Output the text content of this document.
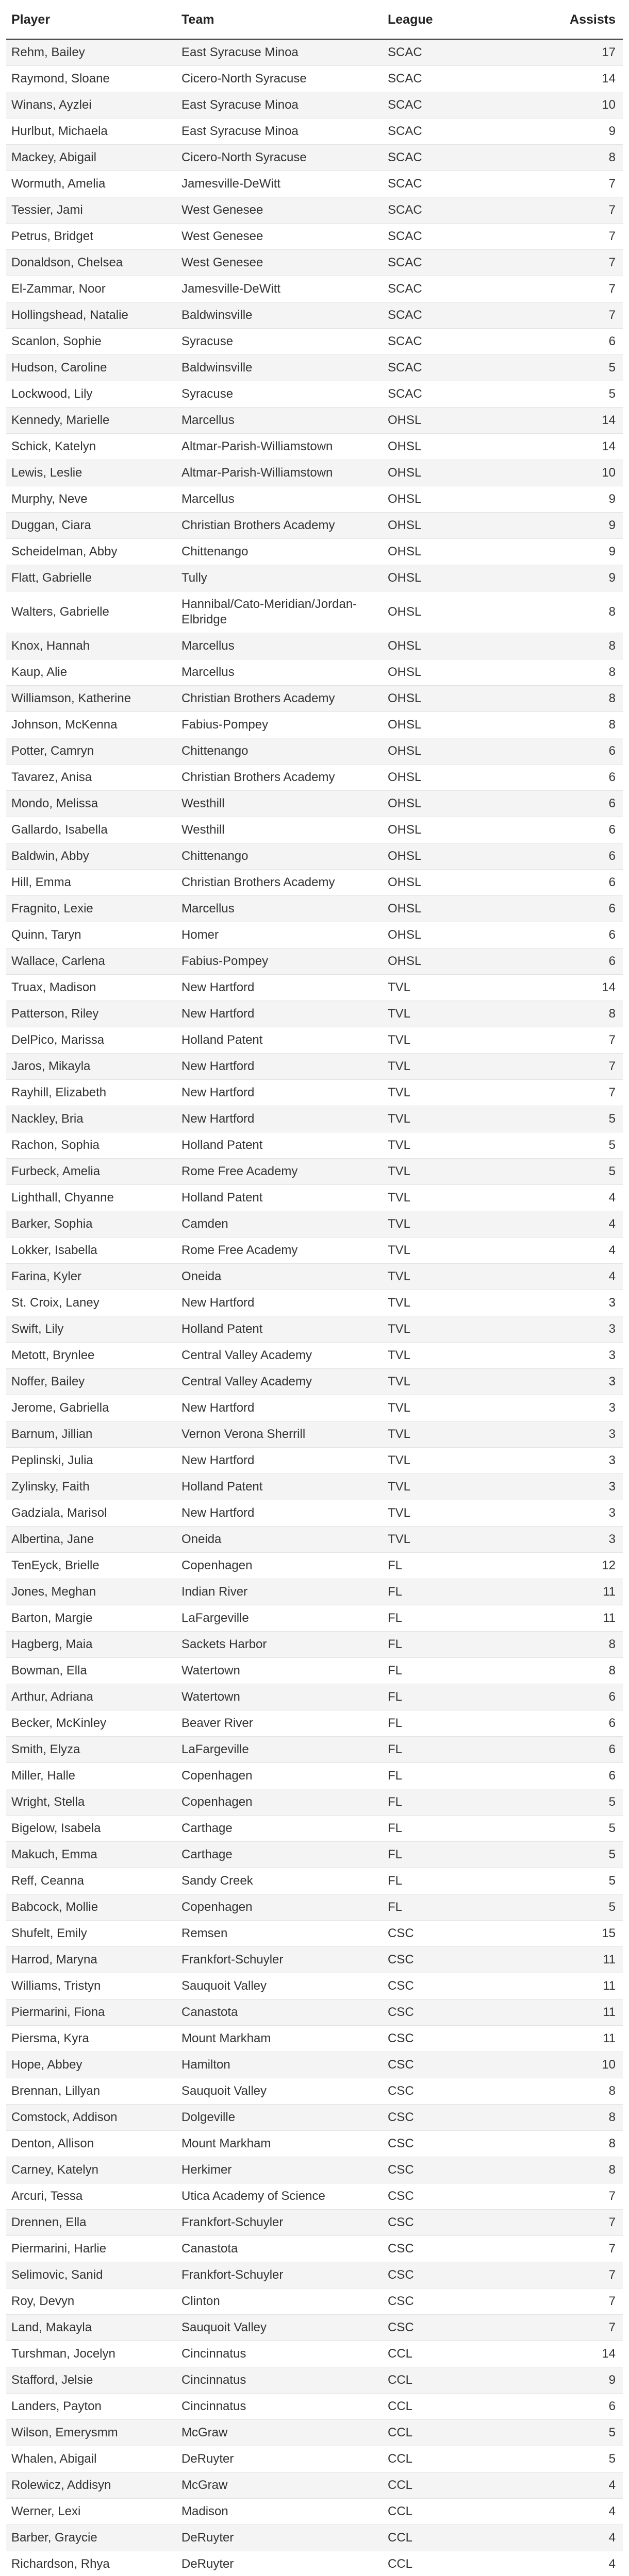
Player	Team	League	Assists
Rehm, Bailey	East Syracuse Minoa	SCAC	17
Raymond, Sloane	Cicero-North Syracuse	SCAC	14
Winans, Ayzlei	East Syracuse Minoa	SCAC	10
Hurlbut, Michaela	East Syracuse Minoa	SCAC	9
Mackey, Abigail	Cicero-North Syracuse	SCAC	8
Wormuth, Amelia	Jamesville-DeWitt	SCAC	7
Tessier, Jami	West Genesee	SCAC	7
Petrus, Bridget	West Genesee	SCAC	7
Donaldson, Chelsea	West Genesee	SCAC	7
El-Zammar, Noor	Jamesville-DeWitt	SCAC	7
Hollingshead, Natalie	Baldwinsville	SCAC	7
Scanlon, Sophie	Syracuse	SCAC	6
Hudson, Caroline	Baldwinsville	SCAC	5
Lockwood, Lily	Syracuse	SCAC	5
Kennedy, Marielle	Marcellus	OHSL	14
Schick, Katelyn	Altmar-Parish-Williamstown	OHSL	14
Lewis, Leslie	Altmar-Parish-Williamstown	OHSL	10
Murphy, Neve	Marcellus	OHSL	9
Duggan, Ciara	Christian Brothers Academy	OHSL	9
Scheidelman, Abby	Chittenango	OHSL	9
Flatt, Gabrielle	Tully	OHSL	9
Walters, Gabrielle	Hannibal/Cato-Meridian/Jordan-Elbridge	OHSL	8
Knox, Hannah	Marcellus	OHSL	8
Kaup, Alie	Marcellus	OHSL	8
Williamson, Katherine	Christian Brothers Academy	OHSL	8
Johnson, McKenna	Fabius-Pompey	OHSL	8
Potter, Camryn	Chittenango	OHSL	6
Tavarez, Anisa	Christian Brothers Academy	OHSL	6
Mondo, Melissa	Westhill	OHSL	6
Gallardo, Isabella	Westhill	OHSL	6
Baldwin, Abby	Chittenango	OHSL	6
Hill, Emma	Christian Brothers Academy	OHSL	6
Fragnito, Lexie	Marcellus	OHSL	6
Quinn, Taryn	Homer	OHSL	6
Wallace, Carlena	Fabius-Pompey	OHSL	6
Truax, Madison	New Hartford	TVL	14
Patterson, Riley	New Hartford	TVL	8
DelPico, Marissa	Holland Patent	TVL	7
Jaros, Mikayla	New Hartford	TVL	7
Rayhill, Elizabeth	New Hartford	TVL	7
Nackley, Bria	New Hartford	TVL	5
Rachon, Sophia	Holland Patent	TVL	5
Furbeck, Amelia	Rome Free Academy	TVL	5
Lighthall, Chyanne	Holland Patent	TVL	4
Barker, Sophia	Camden	TVL	4
Lokker, Isabella	Rome Free Academy	TVL	4
Farina, Kyler	Oneida	TVL	4
St. Croix, Laney	New Hartford	TVL	3
Swift, Lily	Holland Patent	TVL	3
Metott, Brynlee	Central Valley Academy	TVL	3
Noffer, Bailey	Central Valley Academy	TVL	3
Jerome, Gabriella	New Hartford	TVL	3
Barnum, Jillian	Vernon Verona Sherrill	TVL	3
Peplinski, Julia	New Hartford	TVL	3
Zylinsky, Faith	Holland Patent	TVL	3
Gadziala, Marisol	New Hartford	TVL	3
Albertina, Jane	Oneida	TVL	3
TenEyck, Brielle	Copenhagen	FL	12
Jones, Meghan	Indian River	FL	11
Barton, Margie	LaFargeville	FL	11
Hagberg, Maia	Sackets Harbor	FL	8
Bowman, Ella	Watertown	FL	8
Arthur, Adriana	Watertown	FL	6
Becker, McKinley	Beaver River	FL	6
Smith, Elyza	LaFargeville	FL	6
Miller, Halle	Copenhagen	FL	6
Wright, Stella	Copenhagen	FL	5
Bigelow, Isabela	Carthage	FL	5
Makuch, Emma	Carthage	FL	5
Reff, Ceanna	Sandy Creek	FL	5
Babcock, Mollie	Copenhagen	FL	5
Shufelt, Emily	Remsen	CSC	15
Harrod, Maryna	Frankfort-Schuyler	CSC	11
Williams, Tristyn	Sauquoit Valley	CSC	11
Piermarini, Fiona	Canastota	CSC	11
Piersma, Kyra	Mount Markham	CSC	11
Hope, Abbey	Hamilton	CSC	10
Brennan, Lillyan	Sauquoit Valley	CSC	8
Comstock, Addison	Dolgeville	CSC	8
Denton, Allison	Mount Markham	CSC	8
Carney, Katelyn	Herkimer	CSC	8
Arcuri, Tessa	Utica Academy of Science	CSC	7
Drennen, Ella	Frankfort-Schuyler	CSC	7
Piermarini, Harlie	Canastota	CSC	7
Selimovic, Sanid	Frankfort-Schuyler	CSC	7
Roy, Devyn	Clinton	CSC	7
Land, Makayla	Sauquoit Valley	CSC	7
Turshman, Jocelyn	Cincinnatus	CCL	14
Stafford, Jelsie	Cincinnatus	CCL	9
Landers, Payton	Cincinnatus	CCL	6
Wilson, Emerysmm	McGraw	CCL	5
Whalen, Abigail	DeRuyter	CCL	5
Rolewicz, Addisyn	McGraw	CCL	4
Werner, Lexi	Madison	CCL	4
Barber, Graycie	DeRuyter	CCL	4
Richardson, Rhya	DeRuyter	CCL	4
